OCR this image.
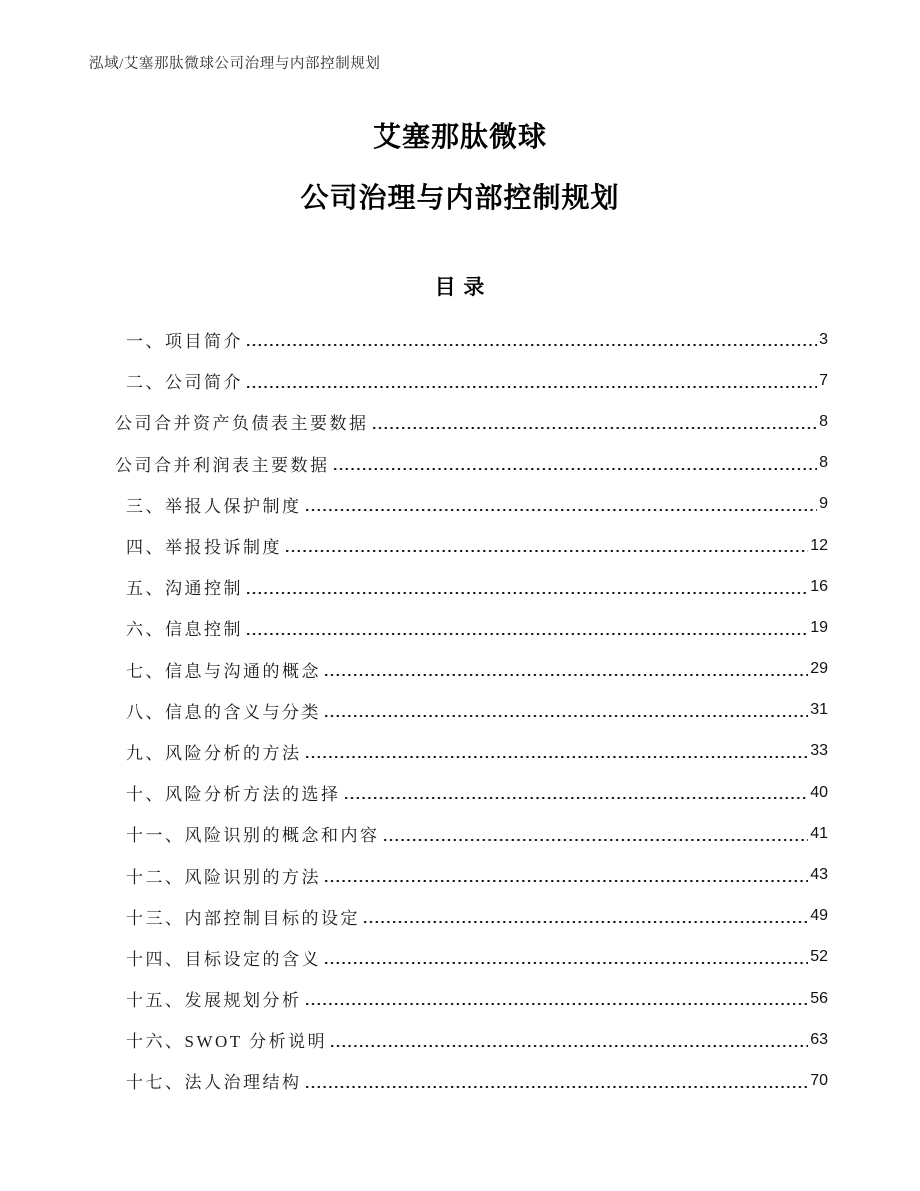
泓域/艾塞那肽微球公司治理与内部控制规划
艾塞那肽微球
公司治理与内部控制规划
目 录
一、项目简介	3
二、公司简介	7
公司合并资产负债表主要数据	8
公司合并利润表主要数据	8
三、举报人保护制度	9
四、举报投诉制度	12
五、沟通控制	16
六、信息控制	19
七、信息与沟通的概念	29
八、信息的含义与分类	31
九、风险分析的方法	33
十、风险分析方法的选择	40
十一、风险识别的概念和内容	41
十二、风险识别的方法	43
十三、内部控制目标的设定	49
十四、目标设定的含义	52
十五、发展规划分析	56
十六、SWOT 分析说明	63
十七、法人治理结构	70
